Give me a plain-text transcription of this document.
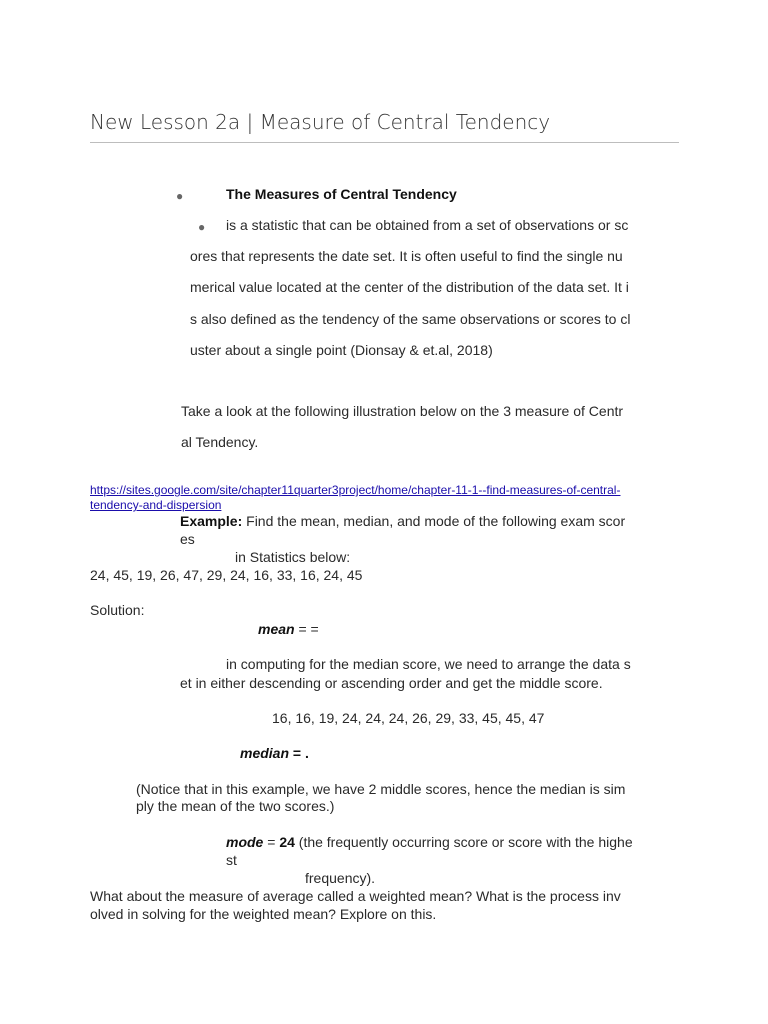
New Lesson 2a | Measure of Central Tendency
●	The Measures of Central Tendency
● is a statistic that can be obtained from a set of observations or sc
ores that represents the date set. It is often useful to find the single nu
merical value located at the center of the distribution of the data set. It i
s also defined as the tendency of the same observations or scores to cl
uster about a single point (Dionsay & et.al, 2018)
Take a look at the following illustration below on the 3 measure of Centr
al Tendency.
https://sites.google.com/site/chapter11quarter3project/home/chapter-11-1--find-measures-of-central-
tendency-and-dispersion
Example: Find the mean, median, and mode of the following exam scor
es
in Statistics below:
24, 45, 19, 26, 47, 29, 24, 16, 33, 16, 24, 45
Solution:
mean = =
in computing for the median score, we need to arrange the data s
et in either descending or ascending order and get the middle score.
16, 16, 19, 24, 24, 24, 26, 29, 33, 45, 45, 47
median = .
(Notice that in this example, we have 2 middle scores, hence the median is sim
ply the mean of the two scores.)
mode = 24 (the frequently occurring score or score with the highe
st
frequency).
What about the measure of average called a weighted mean? What is the process inv
olved in solving for the weighted mean? Explore on this.
